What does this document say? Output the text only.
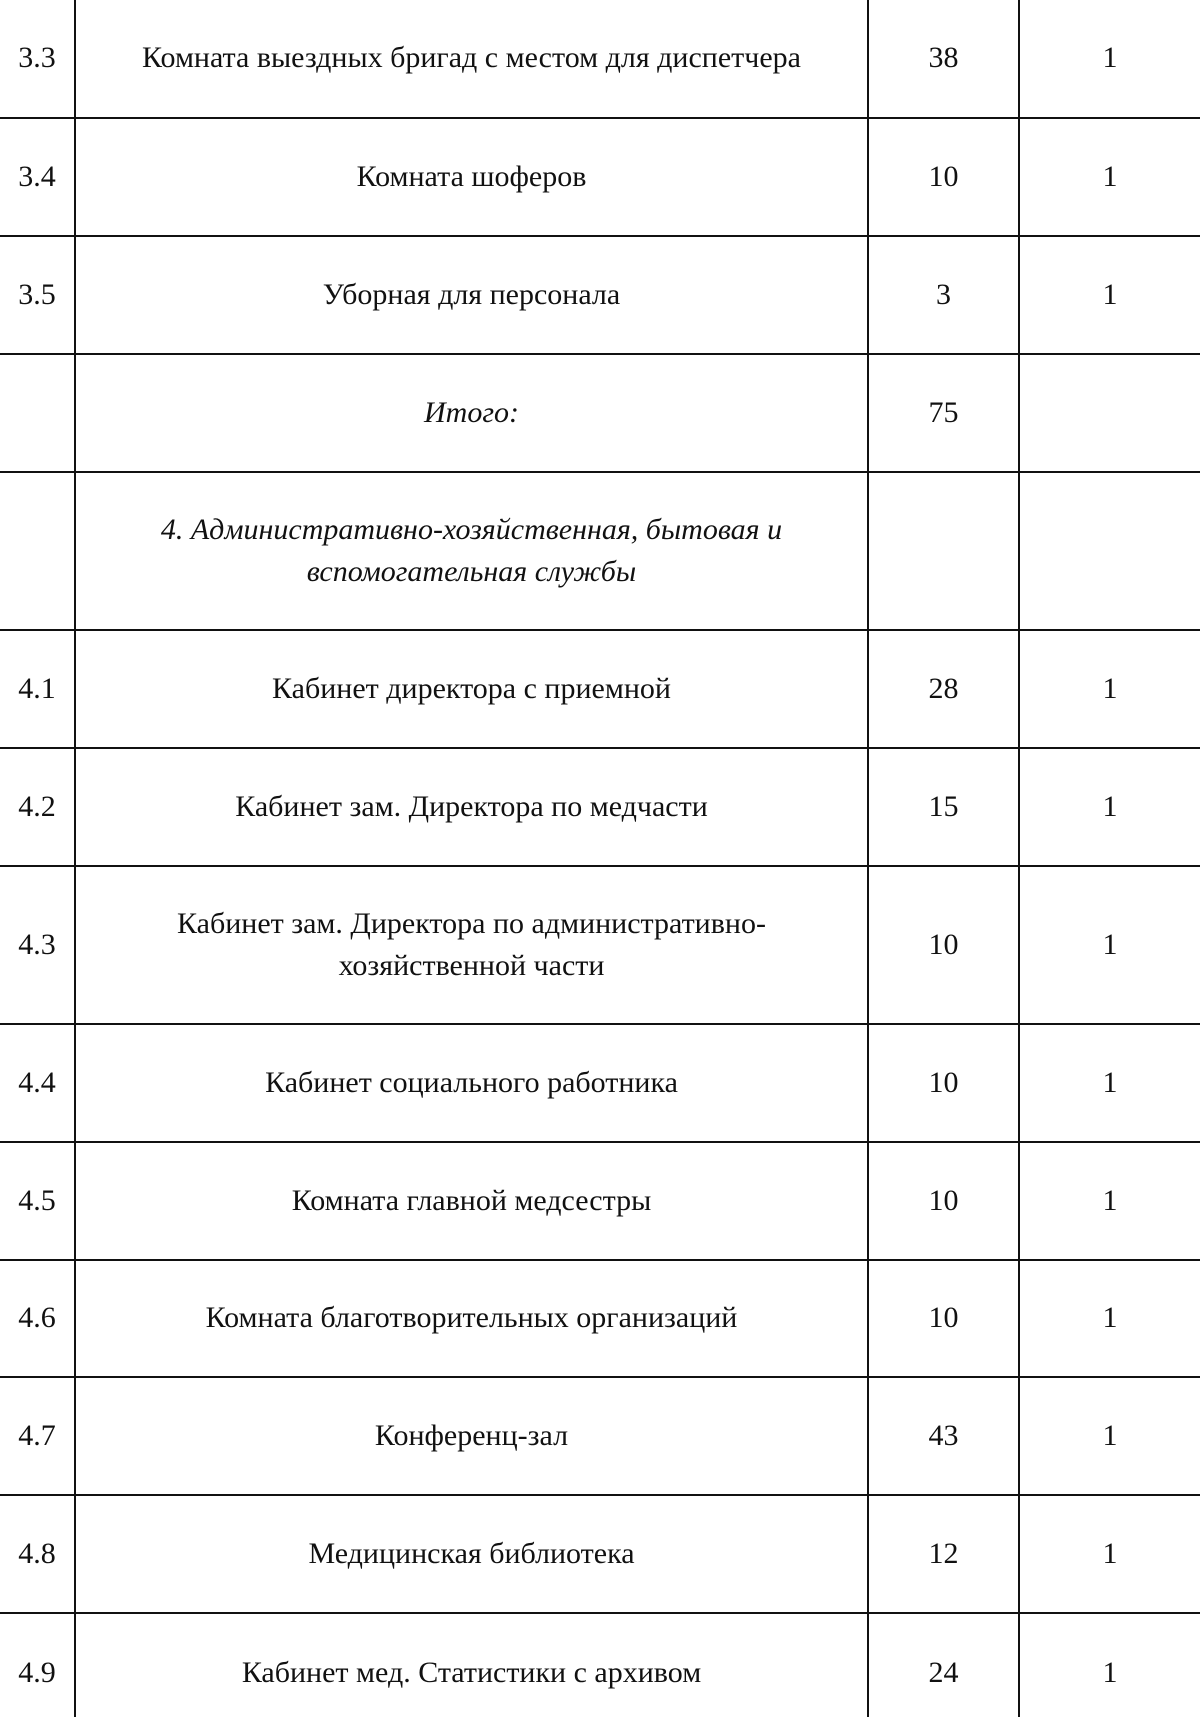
3.3	Комната выездных бригад с местом для диспетчера	38	1
3.4	Комната шоферов	10	1
3.5	Уборная для персонала	3	1
	Итого:	75	
	4. Административно-хозяйственная, бытовая и вспомогательная службы		
4.1	Кабинет директора с приемной	28	1
4.2	Кабинет зам. Директора по медчасти	15	1
4.3	Кабинет зам. Директора по административно-хозяйственной части	10	1
4.4	Кабинет социального работника	10	1
4.5	Комната главной медсестры	10	1
4.6	Комната благотворительных организаций	10	1
4.7	Конференц-зал	43	1
4.8	Медицинская библиотека	12	1
4.9	Кабинет мед. Статистики с архивом	24	1
